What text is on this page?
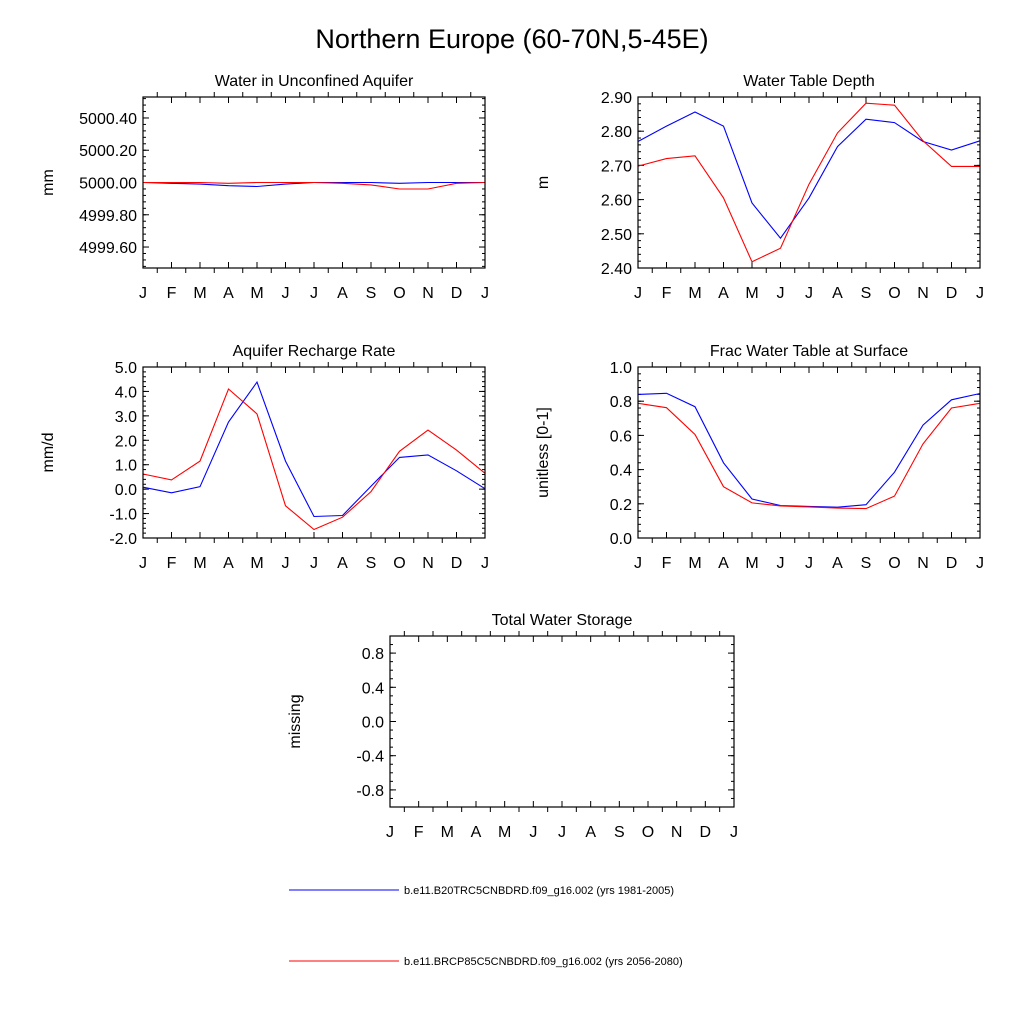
Northern Europe (60-70N,5-45E)
Water in Unconfined Aquifer
mm
J F M A M J J A S O N D J
4999.60
4999.80
5000.00
5000.20
5000.40
Water Table Depth
m
J F M A M J J A S O N D J
2.40
2.50
2.60
2.70
2.80
2.90
Aquifer Recharge Rate
mm/d
J F M A M J J A S O N D J
-2.0
-1.0
0.0
1.0
2.0
3.0
4.0
5.0
Frac Water Table at Surface
unitless [0-1]
J F M A M J J A S O N D J
0.0
0.2
0.4
0.6
0.8
1.0
Total Water Storage
missing
J F M A M J J A S O N D J
-0.8
-0.4
0.0
0.4
0.8
b.e11.B20TRC5CNBDRD.f09_g16.002 (yrs 1981-2005)
b.e11.BRCP85C5CNBDRD.f09_g16.002 (yrs 2056-2080)
